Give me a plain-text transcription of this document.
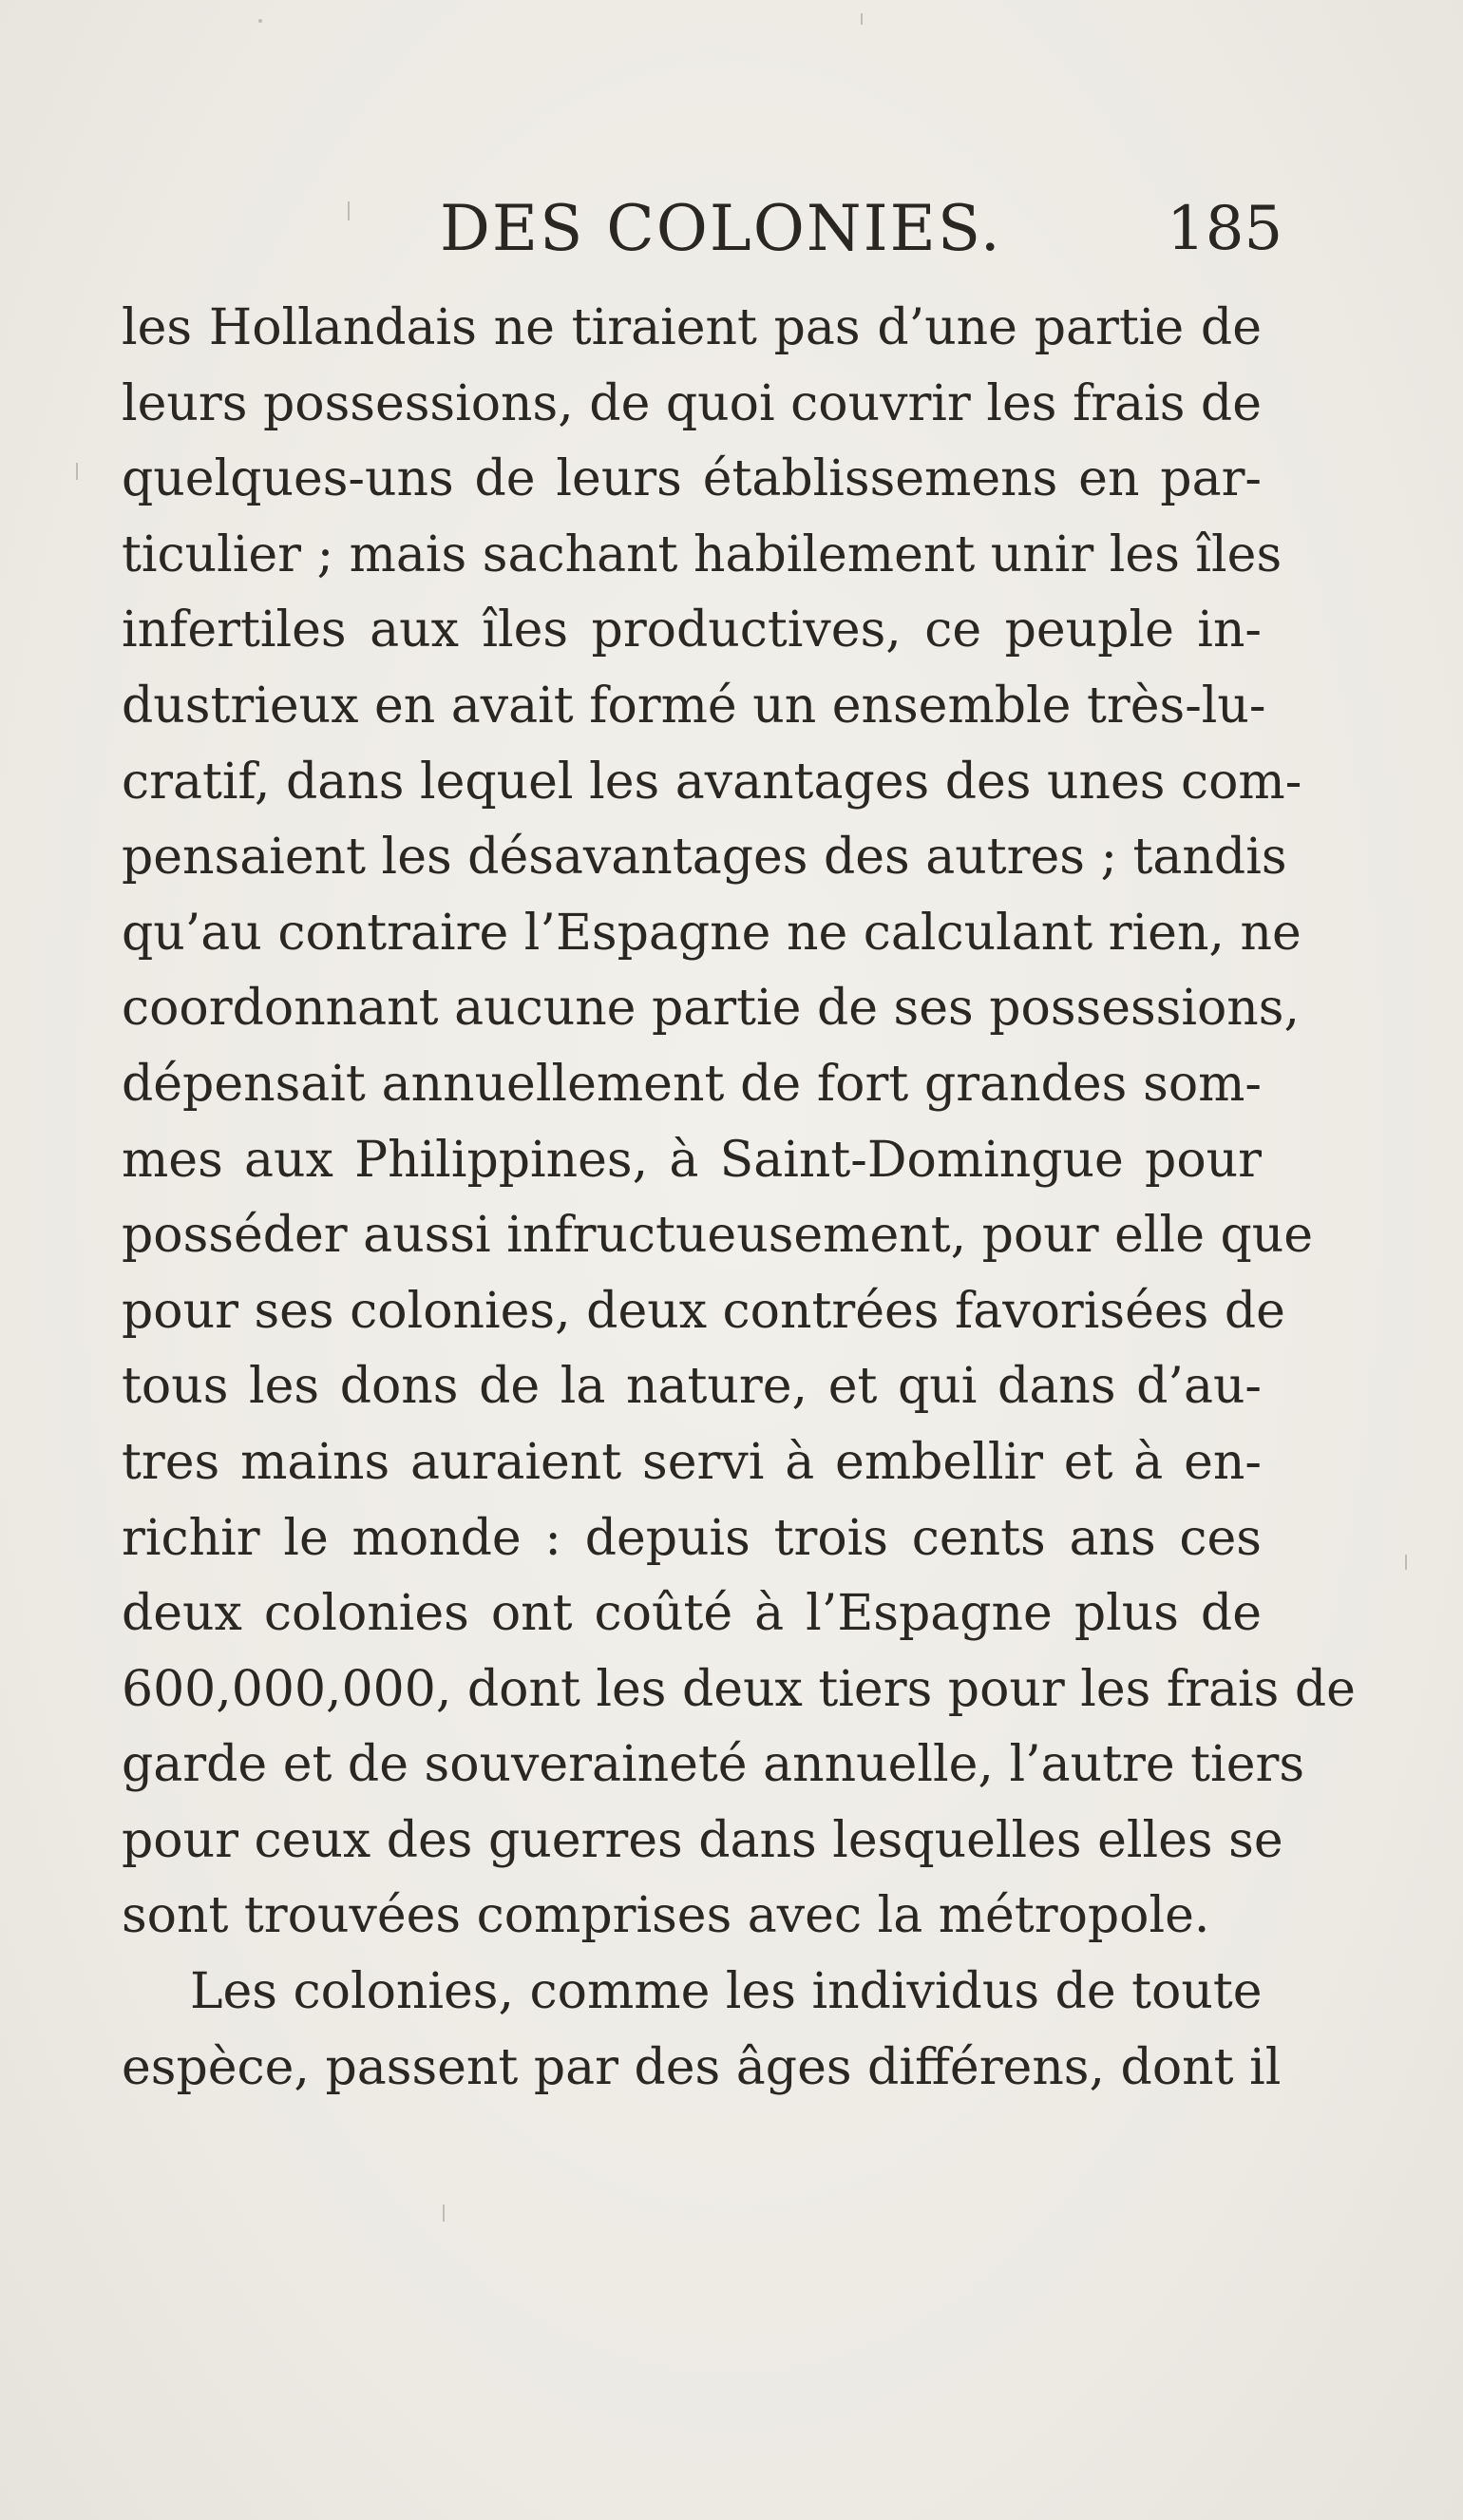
DES COLONIES.	185
les Hollandais ne tiraient pas d’une partie de
leurs possessions, de quoi couvrir les frais de
quelques-uns de leurs établissemens en par-
ticulier ; mais sachant habilement unir les îles
infertiles aux îles productives, ce peuple in-
dustrieux en avait formé un ensemble très-lu-
cratif, dans lequel les avantages des unes com-
pensaient les désavantages des autres ; tandis
qu’au contraire l’Espagne ne calculant rien, ne
coordonnant aucune partie de ses possessions,
dépensait annuellement de fort grandes som-
mes aux Philippines, à Saint-Domingue pour
posséder aussi infructueusement, pour elle que
pour ses colonies, deux contrées favorisées de
tous les dons de la nature, et qui dans d’au-
tres mains auraient servi à embellir et à en-
richir le monde : depuis trois cents ans ces
deux colonies ont coûté à l’Espagne plus de
600,000,000, dont les deux tiers pour les frais de
garde et de souveraineté annuelle, l’autre tiers
pour ceux des guerres dans lesquelles elles se
sont trouvées comprises avec la métropole.
Les colonies, comme les individus de toute
espèce, passent par des âges différens, dont il
